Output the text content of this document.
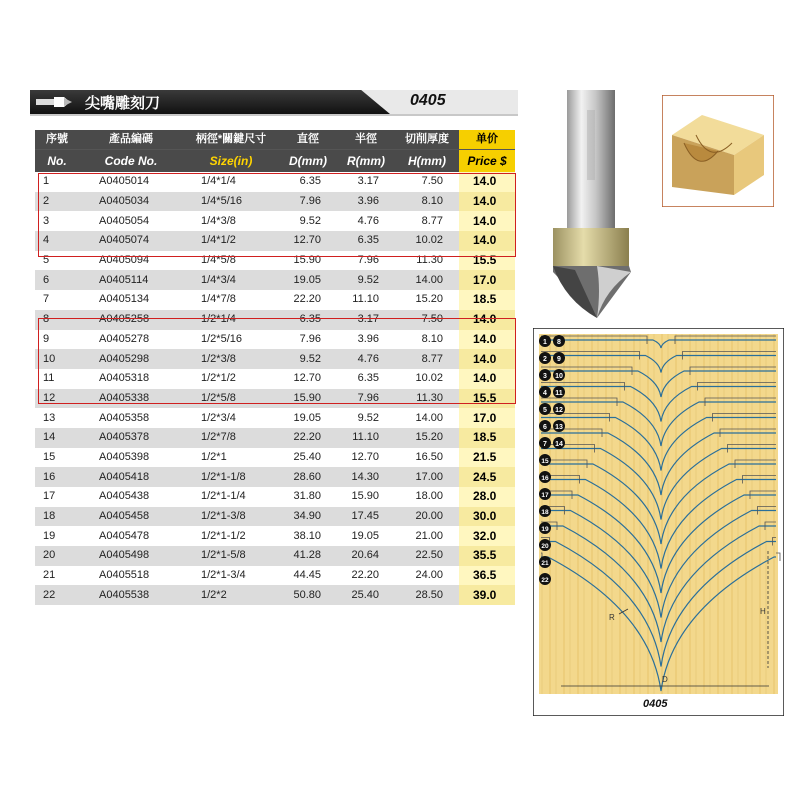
尖嘴雕刻刀	0405
序號	產品編碼	柄徑*關鍵尺寸	直徑	半徑	切削厚度	单价
No.	Code No.	Size(in)	D(mm)	R(mm)	H(mm)	Price $
1	A0405014	1/4*1/4	6.35	3.17	7.50	14.0
2	A0405034	1/4*5/16	7.96	3.96	8.10	14.0
3	A0405054	1/4*3/8	9.52	4.76	8.77	14.0
4	A0405074	1/4*1/2	12.70	6.35	10.02	14.0
5	A0405094	1/4*5/8	15.90	7.96	11.30	15.5
6	A0405114	1/4*3/4	19.05	9.52	14.00	17.0
7	A0405134	1/4*7/8	22.20	11.10	15.20	18.5
8	A0405258	1/2*1/4	6.35	3.17	7.50	14.0
9	A0405278	1/2*5/16	7.96	3.96	8.10	14.0
10	A0405298	1/2*3/8	9.52	4.76	8.77	14.0
11	A0405318	1/2*1/2	12.70	6.35	10.02	14.0
12	A0405338	1/2*5/8	15.90	7.96	11.30	15.5
13	A0405358	1/2*3/4	19.05	9.52	14.00	17.0
14	A0405378	1/2*7/8	22.20	11.10	15.20	18.5
15	A0405398	1/2*1	25.40	12.70	16.50	21.5
16	A0405418	1/2*1-1/8	28.60	14.30	17.00	24.5
17	A0405438	1/2*1-1/4	31.80	15.90	18.00	28.0
18	A0405458	1/2*1-3/8	34.90	17.45	20.00	30.0
19	A0405478	1/2*1-1/2	38.10	19.05	21.00	32.0
20	A0405498	1/2*1-5/8	41.28	20.64	22.50	35.5
21	A0405518	1/2*1-3/4	44.45	22.20	24.00	36.5
22	A0405538	1/2*2	50.80	25.40	28.50	39.0
1 8
2 9
3 10
4 11
5 12
6 13
7 14
15
16
17
18
19
20
21
22
R
H
D
0405
